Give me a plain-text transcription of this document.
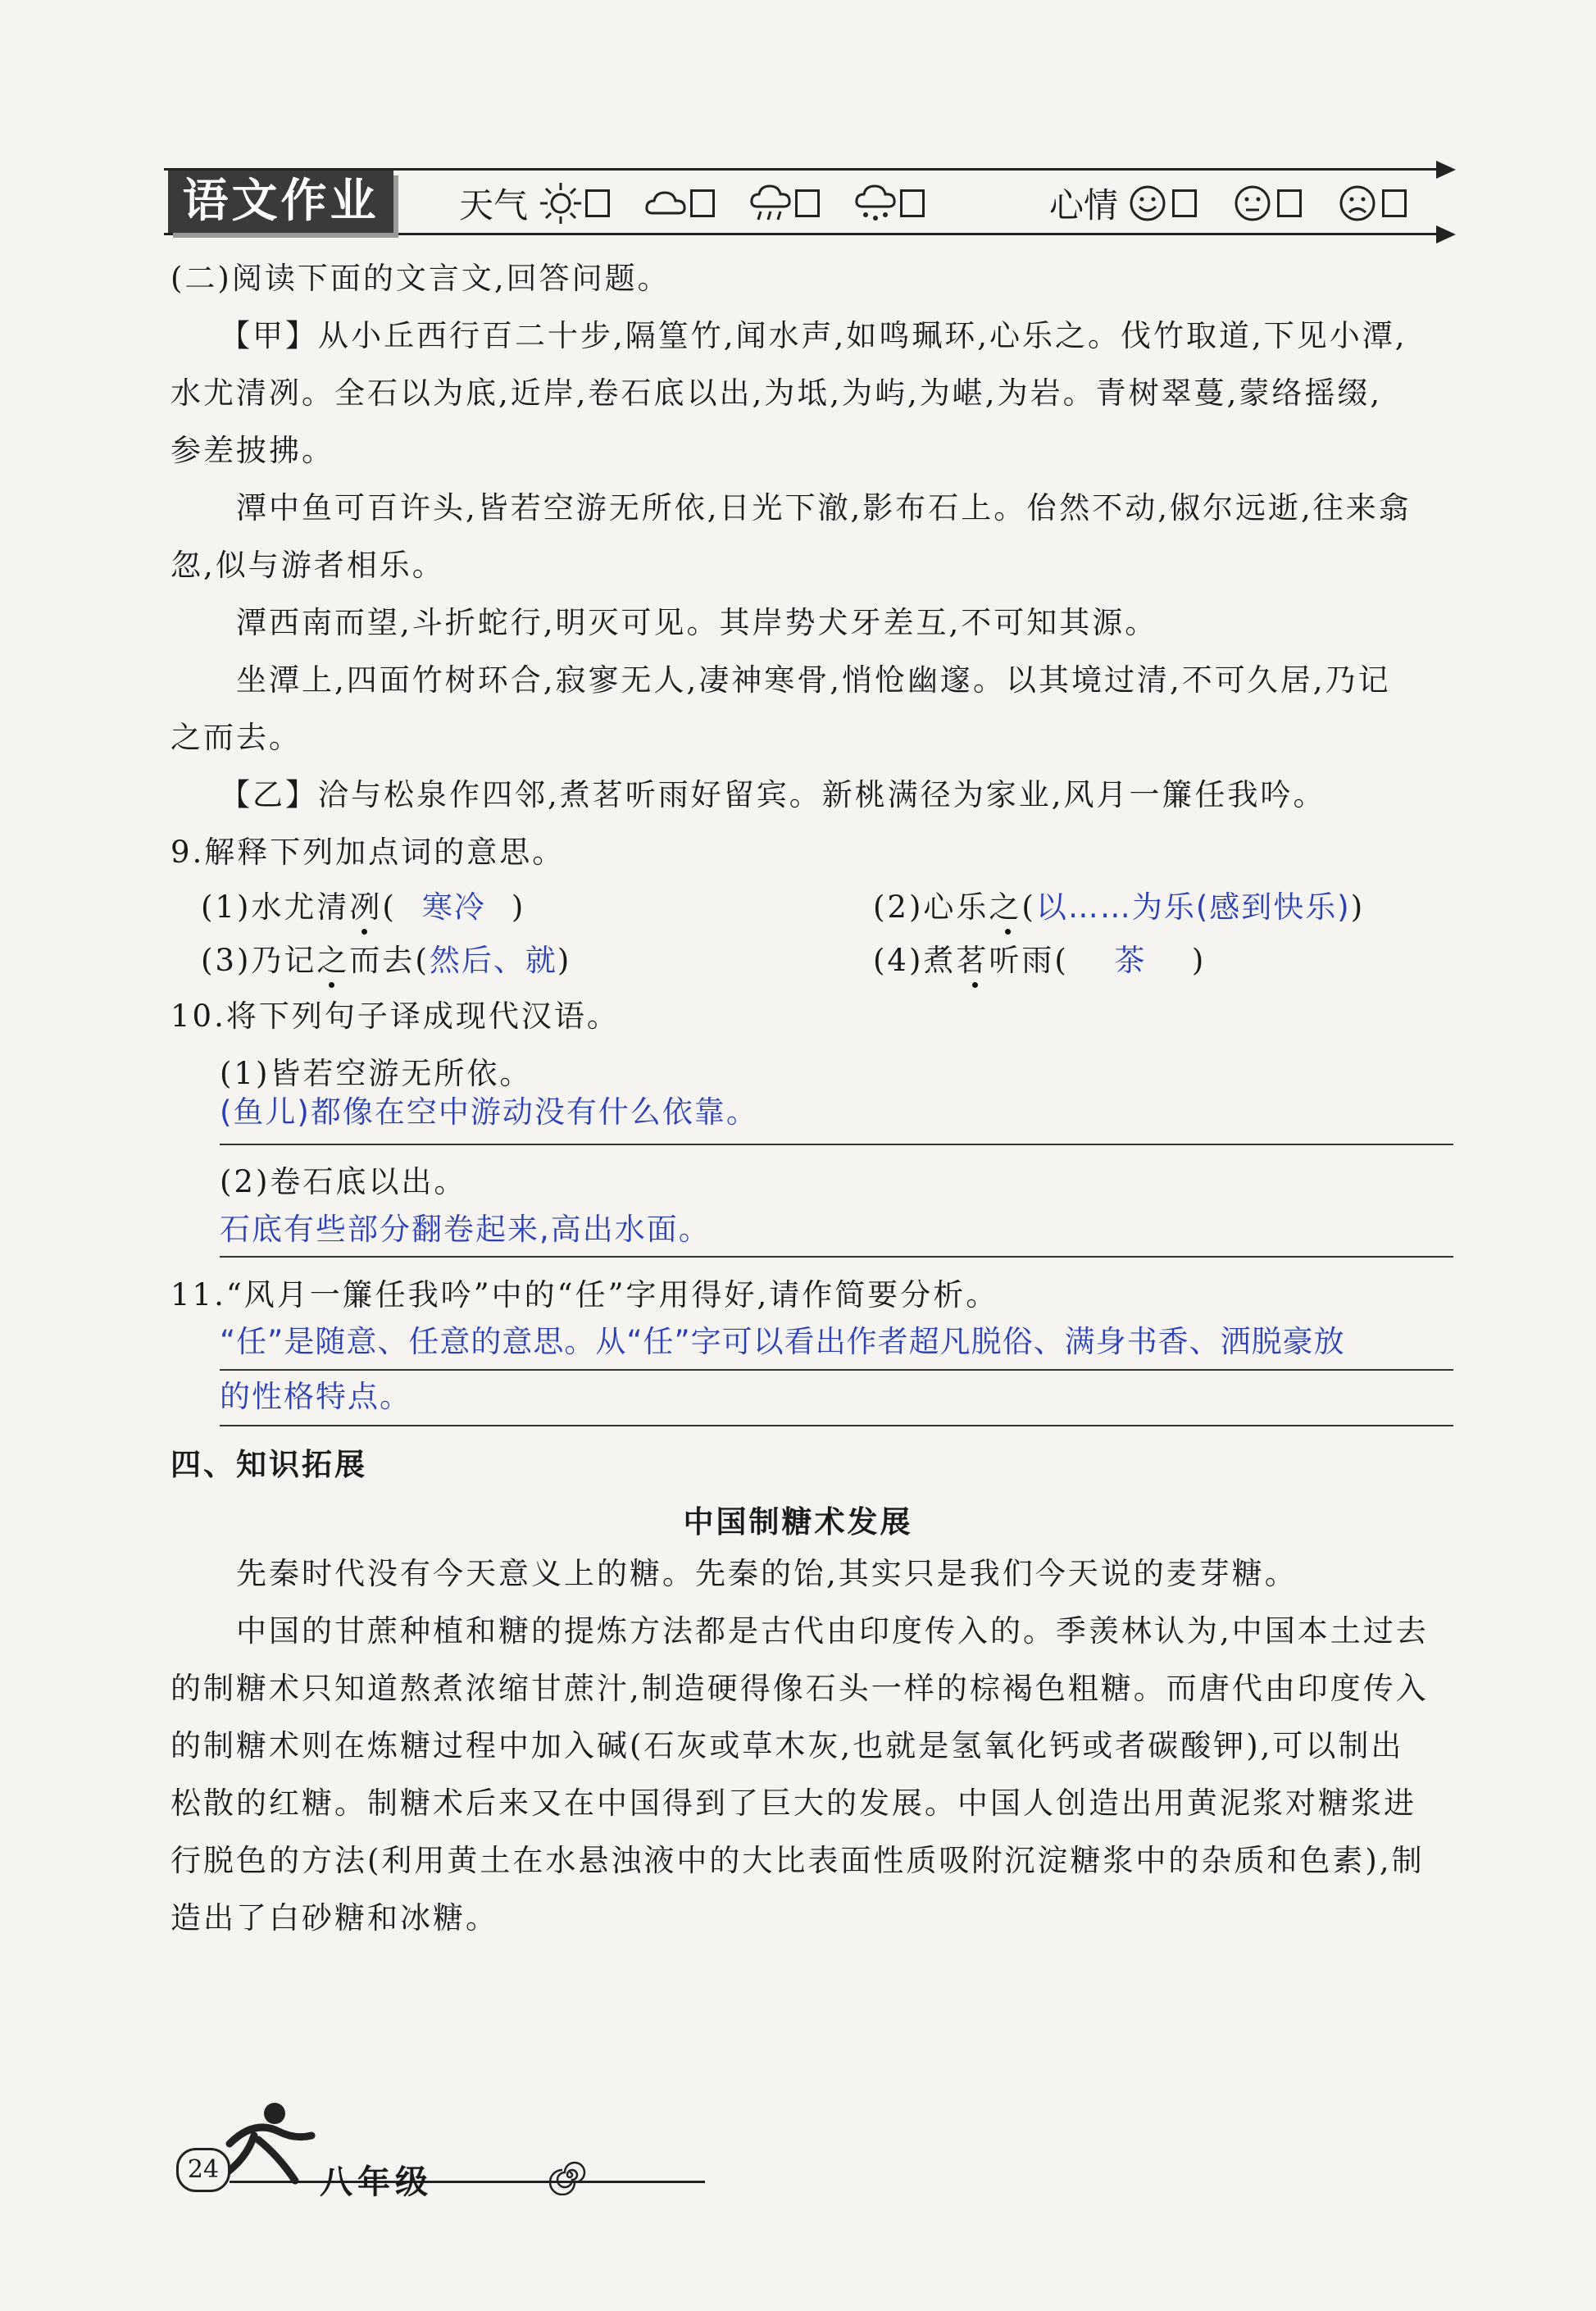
语文作业	天气	心情
(二)阅读下面的文言文,回答问题。
【甲】从小丘西行百二十步,隔篁竹,闻水声,如鸣珮环,心乐之。伐竹取道,下见小潭,
水尤清冽。全石以为底,近岸,卷石底以出,为坻,为屿,为嵁,为岩。青树翠蔓,蒙络摇缀,
参差披拂。
潭中鱼可百许头,皆若空游无所依,日光下澈,影布石上。佁然不动,俶尔远逝,往来翕
忽,似与游者相乐。
潭西南而望,斗折蛇行,明灭可见。其岸势犬牙差互,不可知其源。
坐潭上,四面竹树环合,寂寥无人,凄神寒骨,悄怆幽邃。以其境过清,不可久居,乃记
之而去。
【乙】洽与松泉作四邻,煮茗听雨好留宾。新桃满径为家业,风月一簾任我吟。
9.解释下列加点词的意思。
(1)水尤清冽( 寒冷 )	(2)心乐之(以……为乐(感到快乐))
(3)乃记之而去(然后、就)	(4)煮茗听雨( 茶 )
10.将下列句子译成现代汉语。
(1)皆若空游无所依。
(鱼儿)都像在空中游动没有什么依靠。
(2)卷石底以出。
石底有些部分翻卷起来,高出水面。
11.“风月一簾任我吟”中的“任”字用得好,请作简要分析。
“任”是随意、任意的意思。从“任”字可以看出作者超凡脱俗、满身书香、洒脱豪放
的性格特点。
四、知识拓展
中国制糖术发展
先秦时代没有今天意义上的糖。先秦的饴,其实只是我们今天说的麦芽糖。
中国的甘蔗种植和糖的提炼方法都是古代由印度传入的。季羡林认为,中国本土过去
的制糖术只知道熬煮浓缩甘蔗汁,制造硬得像石头一样的棕褐色粗糖。而唐代由印度传入
的制糖术则在炼糖过程中加入碱(石灰或草木灰,也就是氢氧化钙或者碳酸钾),可以制出
松散的红糖。制糖术后来又在中国得到了巨大的发展。中国人创造出用黄泥浆对糖浆进
行脱色的方法(利用黄土在水悬浊液中的大比表面性质吸附沉淀糖浆中的杂质和色素),制
造出了白砂糖和冰糖。
24	八年级
